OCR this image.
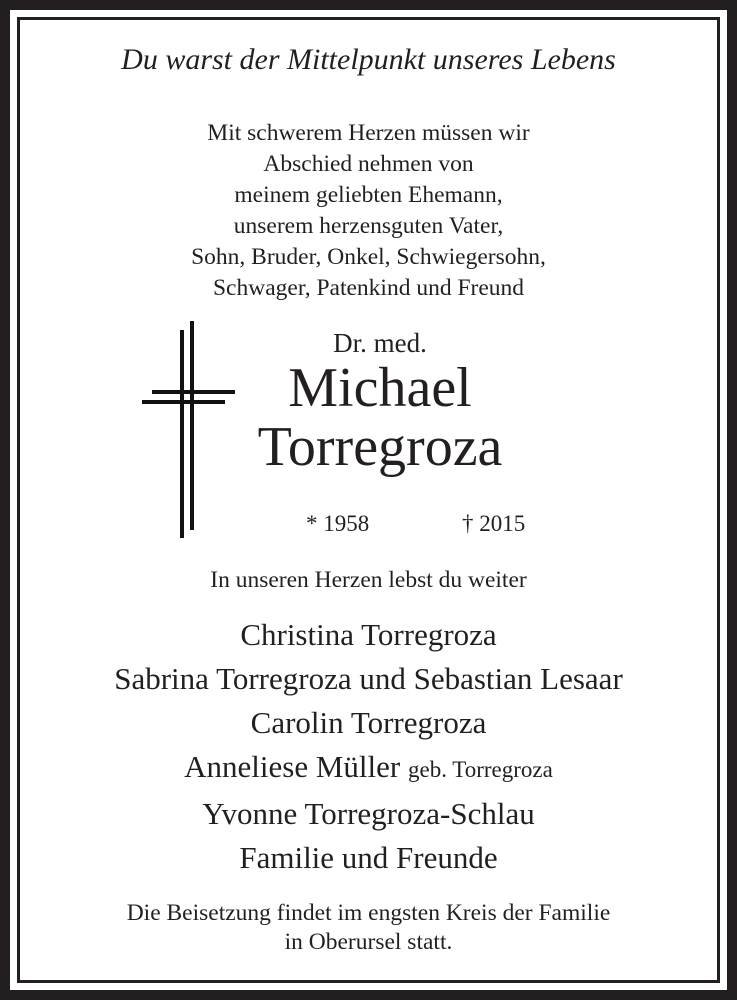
Du warst der Mittelpunkt unseres Lebens
Mit schwerem Herzen müssen wir
Abschied nehmen von
meinem geliebten Ehemann,
unserem herzensguten Vater,
Sohn, Bruder, Onkel, Schwiegersohn,
Schwager, Patenkind und Freund
Dr. med.
Michael
Torregroza
* 1958	† 2015
In unseren Herzen lebst du weiter
Christina Torregroza
Sabrina Torregroza und Sebastian Lesaar
Carolin Torregroza
Anneliese Müller geb. Torregroza
Yvonne Torregroza-Schlau
Familie und Freunde
Die Beisetzung findet im engsten Kreis der Familie
in Oberursel statt.
